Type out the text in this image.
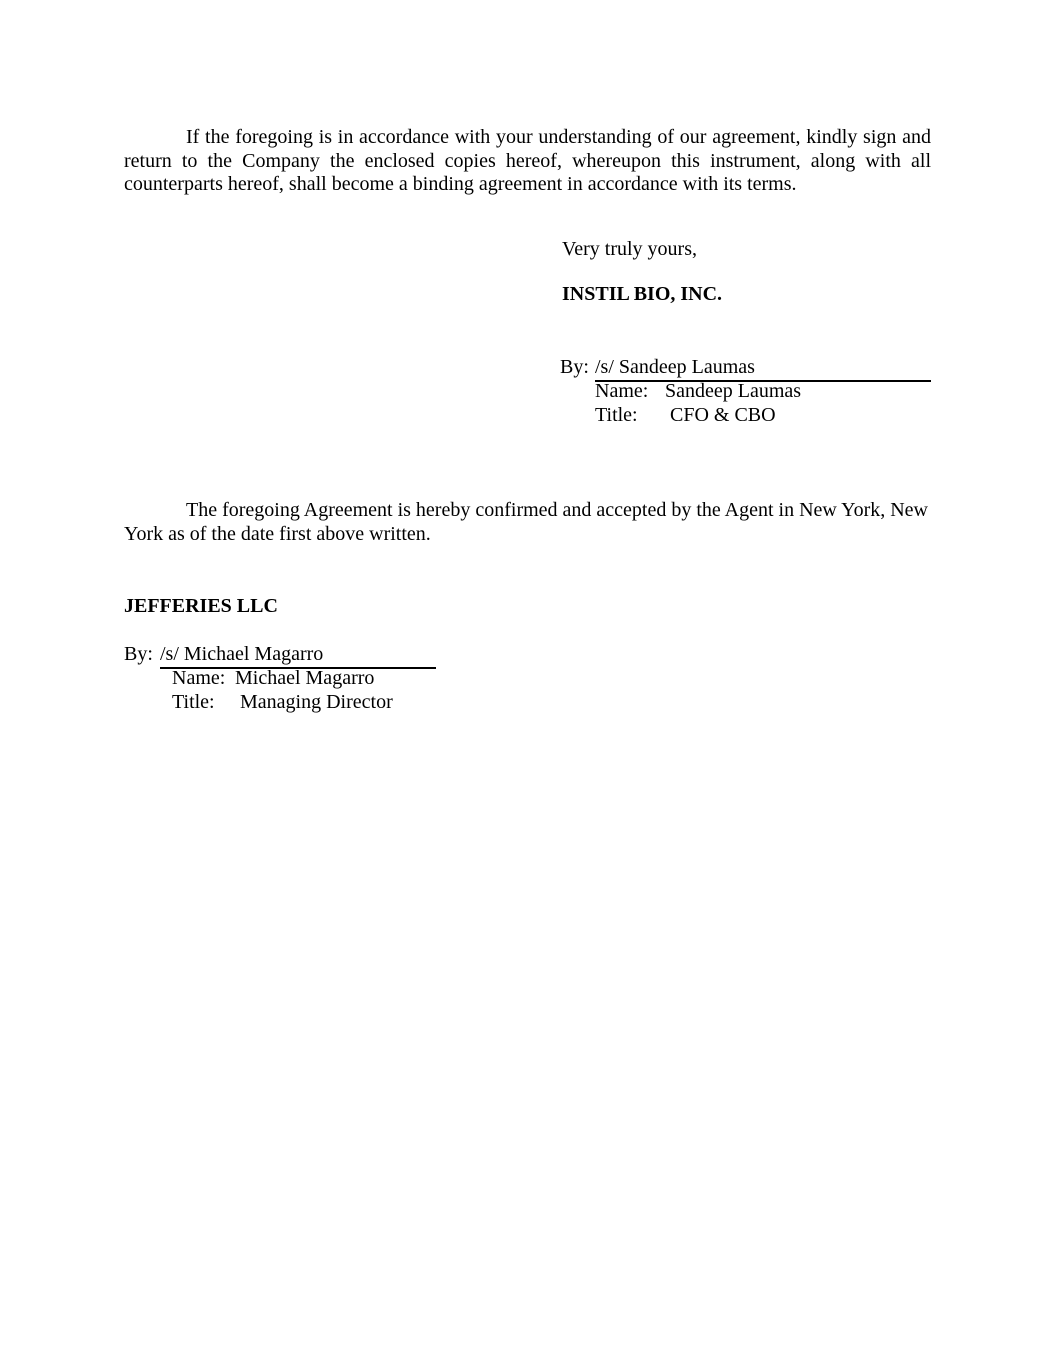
If the foregoing is in accordance with your understanding of our agreement, kindly sign and return to the Company the enclosed copies hereof, whereupon this instrument, along with all counterparts hereof, shall become a binding agreement in accordance with its terms.

Very truly yours,
INSTIL BIO, INC.
By: /s/ Sandeep Laumas
Name: Sandeep Laumas
Title: CFO & CBO

The foregoing Agreement is hereby confirmed and accepted by the Agent in New York, New York as of the date first above written.

JEFFERIES LLC
By: /s/ Michael Magarro
Name: Michael Magarro
Title: Managing Director
